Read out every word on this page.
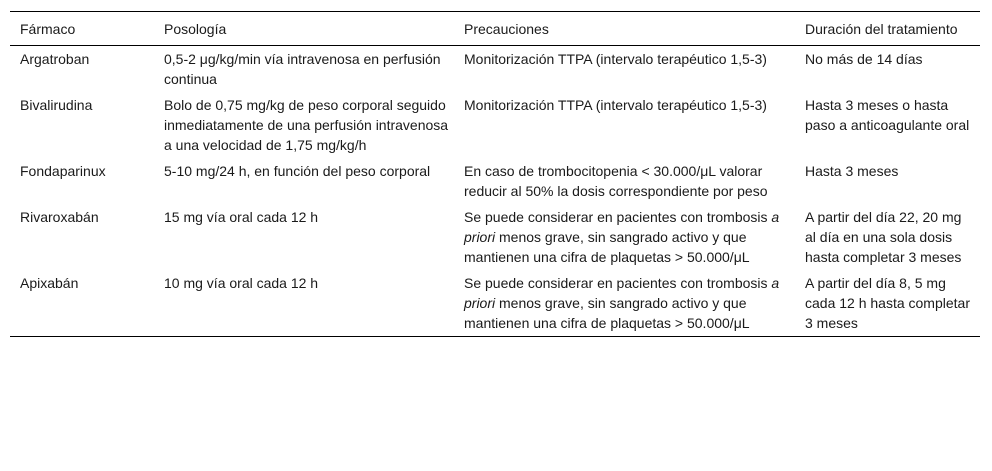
Fármaco	Posología	Precauciones	Duración del tratamiento
Argatroban	0,5-2 μg/kg/min vía intravenosa en perfusión continua	Monitorización TTPA (intervalo terapéutico 1,5-3)	No más de 14 días
Bivalirudina	Bolo de 0,75 mg/kg de peso corporal seguido inmediatamente de una perfusión intravenosa a una velocidad de 1,75 mg/kg/h	Monitorización TTPA (intervalo terapéutico 1,5-3)	Hasta 3 meses o hasta paso a anticoagulante oral
Fondaparinux	5-10 mg/24 h, en función del peso corporal	En caso de trombocitopenia < 30.000/μL valorar reducir al 50% la dosis correspondiente por peso	Hasta 3 meses
Rivaroxabán	15 mg vía oral cada 12 h	Se puede considerar en pacientes con trombosis a priori menos grave, sin sangrado activo y que mantienen una cifra de plaquetas > 50.000/μL	A partir del día 22, 20 mg al día en una sola dosis hasta completar 3 meses
Apixabán	10 mg vía oral cada 12 h	Se puede considerar en pacientes con trombosis a priori menos grave, sin sangrado activo y que mantienen una cifra de plaquetas > 50.000/μL	A partir del día 8, 5 mg cada 12 h hasta completar 3 meses
